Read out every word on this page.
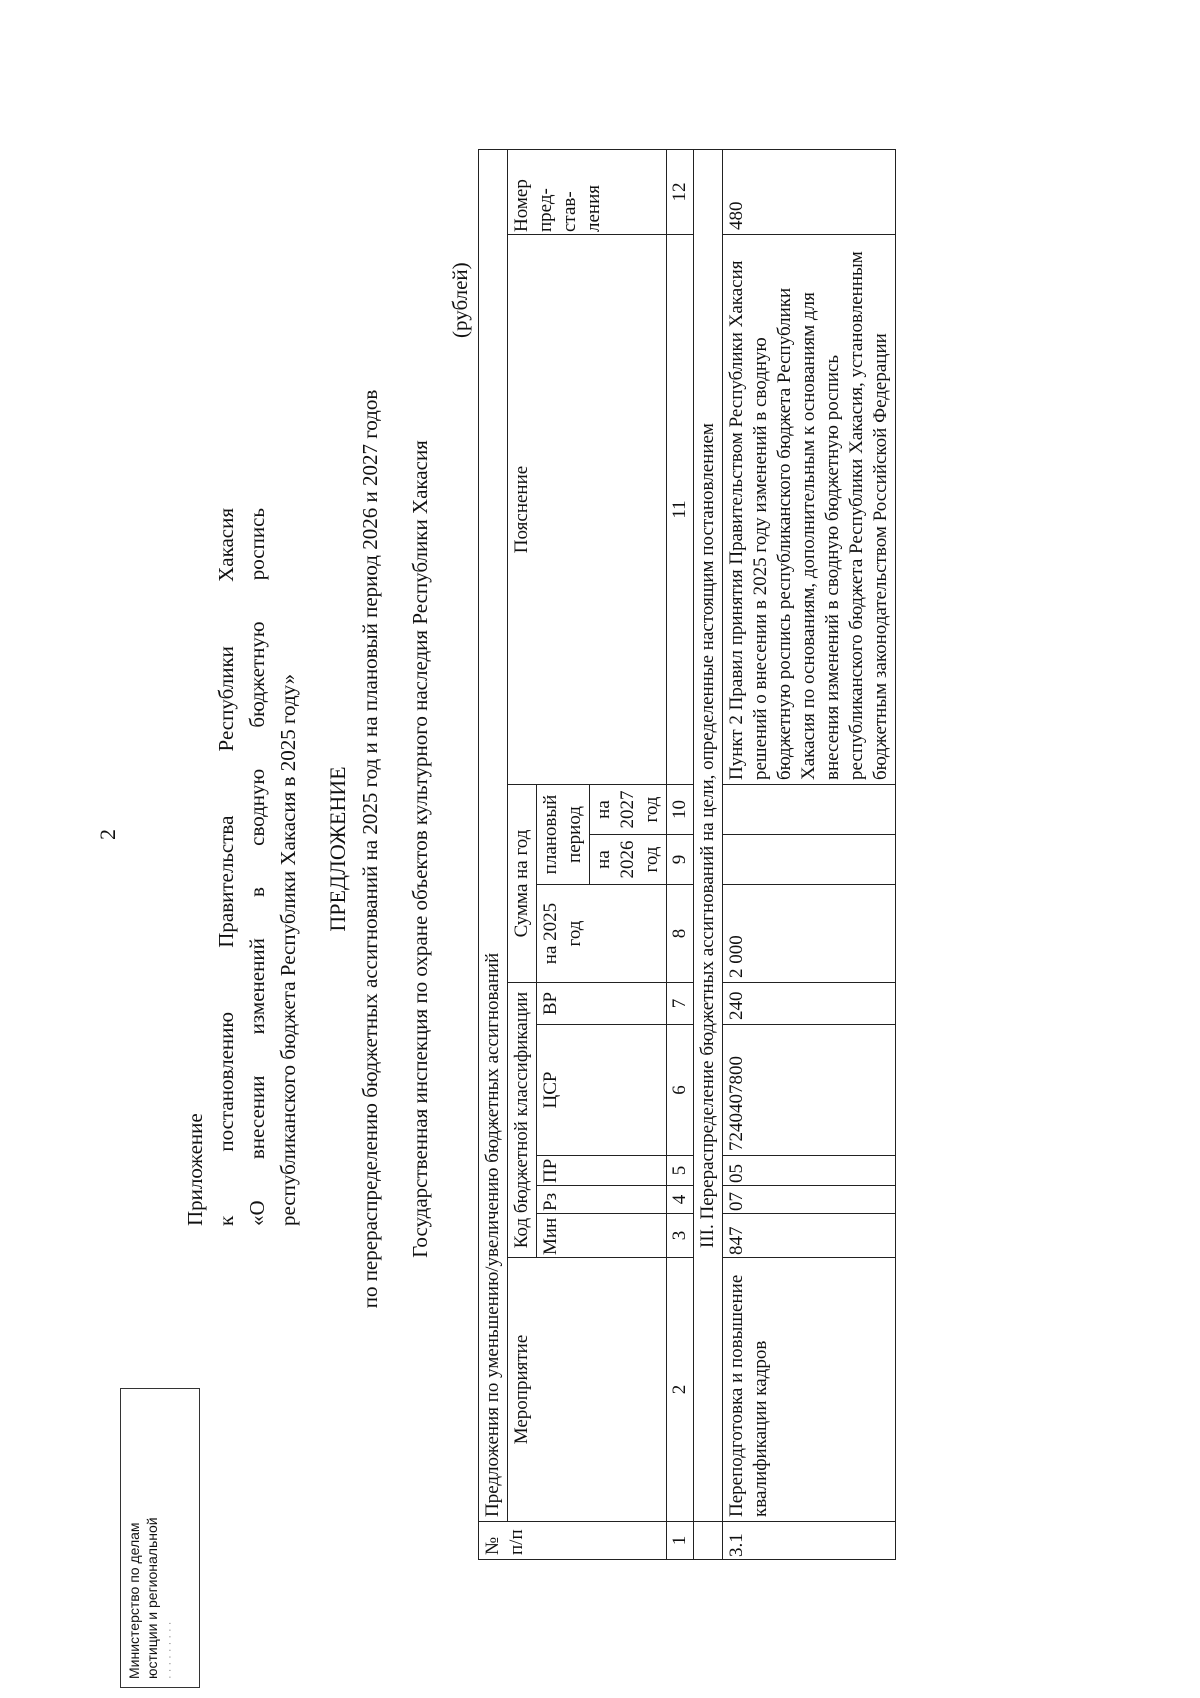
2
Приложение к постановлению Правительства Республики Хакасия «О внесении изменений в сводную бюджетную роспись республиканского бюджета Республики Хакасия в 2025 году» ПРЕДЛОЖЕНИЕ по перераспределению бюджетных ассигнований на 2025 год и на плановый период 2026 и 2027 годов Государственная инспекция по охране объектов культурного наследия Республики Хакасия
(рублей)
№ п/п	Предложения по уменьшению/увеличению бюджетных ассигнований										
	Мероприятие	Код бюджетной классификации					Сумма на год			Пояснение	Номер пред-став-ления
		Мин	Рз	ПР	ЦСР	ВР	на 2025 год	плановый период			
								на 2026 год	на 2027 год		
1	2	3	4	5	6	7	8	9	10	11	12
	III. Перераспределение бюджетных ассигнований на цели, определенные настоящим постановлением										
3.1	Переподготовка и повышение квалификации кадров	847	07	05	7240407800	240	2 000			Пункт 2 Правил принятия Правительством Республики Хакасия решений о внесении в 2025 году изменений в сводную бюджетную роспись республиканского бюджета Республики Хакасия по основаниям, дополнительным к основаниям для внесения изменений в сводную бюджетную роспись республиканского бюджета Республики Хакасия, установленным бюджетным законодательством Российской Федерации	480
Министерство по делам юстиции и региональной · · · · · · · · ·
